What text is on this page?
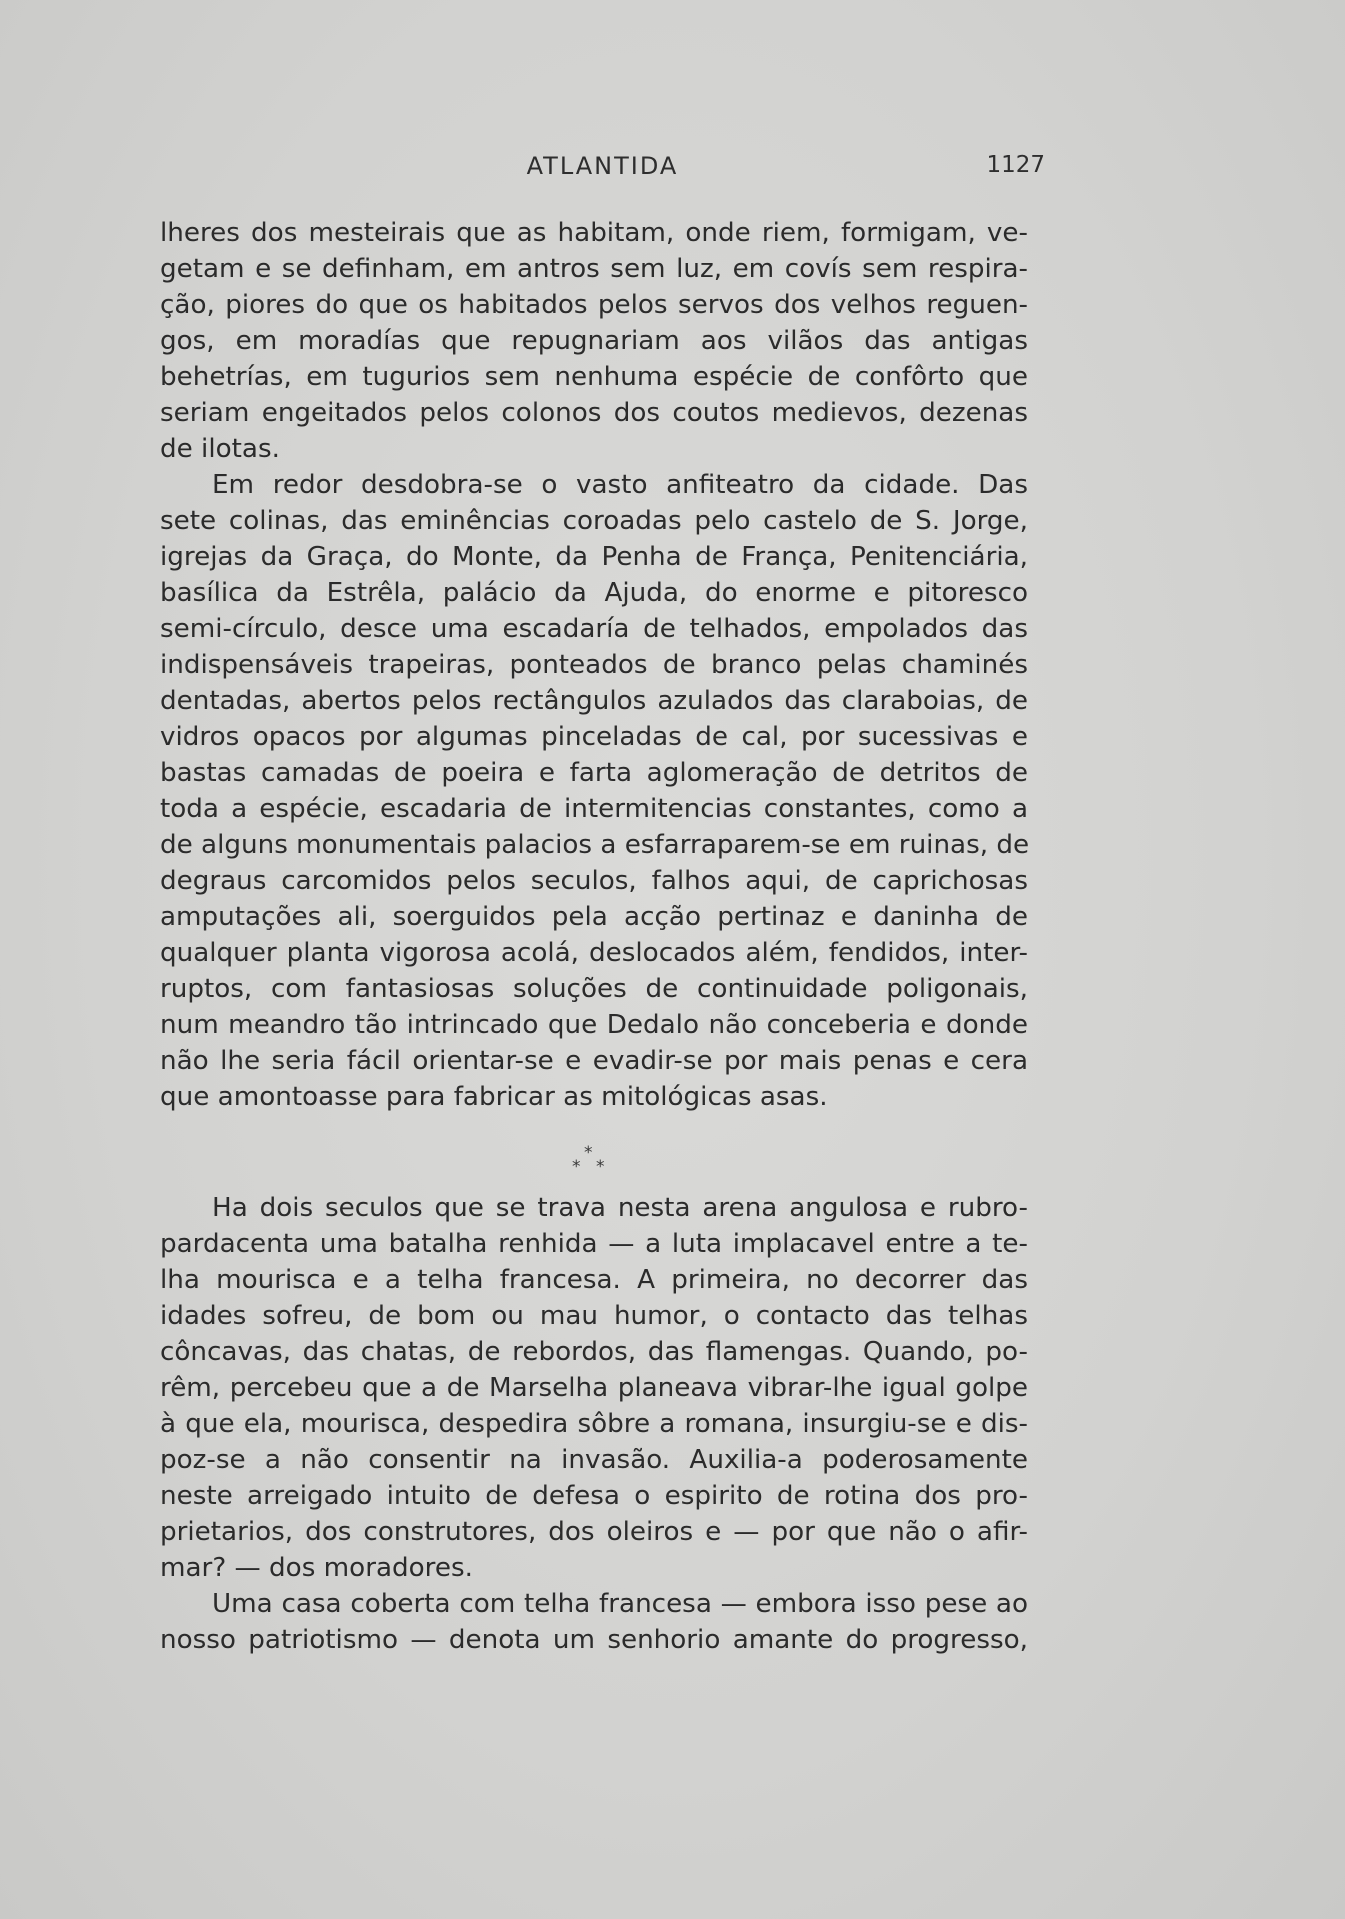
ATLANTIDA	1127
lheres dos mesteirais que as habitam, onde riem, formigam, ve-
getam e se definham, em antros sem luz, em covís sem respira-
ção, piores do que os habitados pelos servos dos velhos reguen-
gos, em moradías que repugnariam aos vilãos das antigas
behetrías, em tugurios sem nenhuma espécie de confôrto que
seriam engeitados pelos colonos dos coutos medievos, dezenas
de ilotas.
Em redor desdobra-se o vasto anfiteatro da cidade. Das
sete colinas, das eminências coroadas pelo castelo de S. Jorge,
igrejas da Graça, do Monte, da Penha de França, Penitenciária,
basílica da Estrêla, palácio da Ajuda, do enorme e pitoresco
semi-círculo, desce uma escadaría de telhados, empolados das
indispensáveis trapeiras, ponteados de branco pelas chaminés
dentadas, abertos pelos rectângulos azulados das claraboias, de
vidros opacos por algumas pinceladas de cal, por sucessivas e
bastas camadas de poeira e farta aglomeração de detritos de
toda a espécie, escadaria de intermitencias constantes, como a
de alguns monumentais palacios a esfarraparem-se em ruinas, de
degraus carcomidos pelos seculos, falhos aqui, de caprichosas
amputações ali, soerguidos pela acção pertinaz e daninha de
qualquer planta vigorosa acolá, deslocados além, fendidos, inter-
ruptos, com fantasiosas soluções de continuidade poligonais,
num meandro tão intrincado que Dedalo não conceberia e donde
não lhe seria fácil orientar-se e evadir-se por mais penas e cera
que amontoasse para fabricar as mitológicas asas.
*
* *
Ha dois seculos que se trava nesta arena angulosa e rubro-
pardacenta uma batalha renhida — a luta implacavel entre a te-
lha mourisca e a telha francesa. A primeira, no decorrer das
idades sofreu, de bom ou mau humor, o contacto das telhas
côncavas, das chatas, de rebordos, das flamengas. Quando, po-
rêm, percebeu que a de Marselha planeava vibrar-lhe igual golpe
à que ela, mourisca, despedira sôbre a romana, insurgiu-se e dis-
poz-se a não consentir na invasão. Auxilia-a poderosamente
neste arreigado intuito de defesa o espirito de rotina dos pro-
prietarios, dos construtores, dos oleiros e — por que não o afir-
mar? — dos moradores.
Uma casa coberta com telha francesa — embora isso pese ao
nosso patriotismo — denota um senhorio amante do progresso,
